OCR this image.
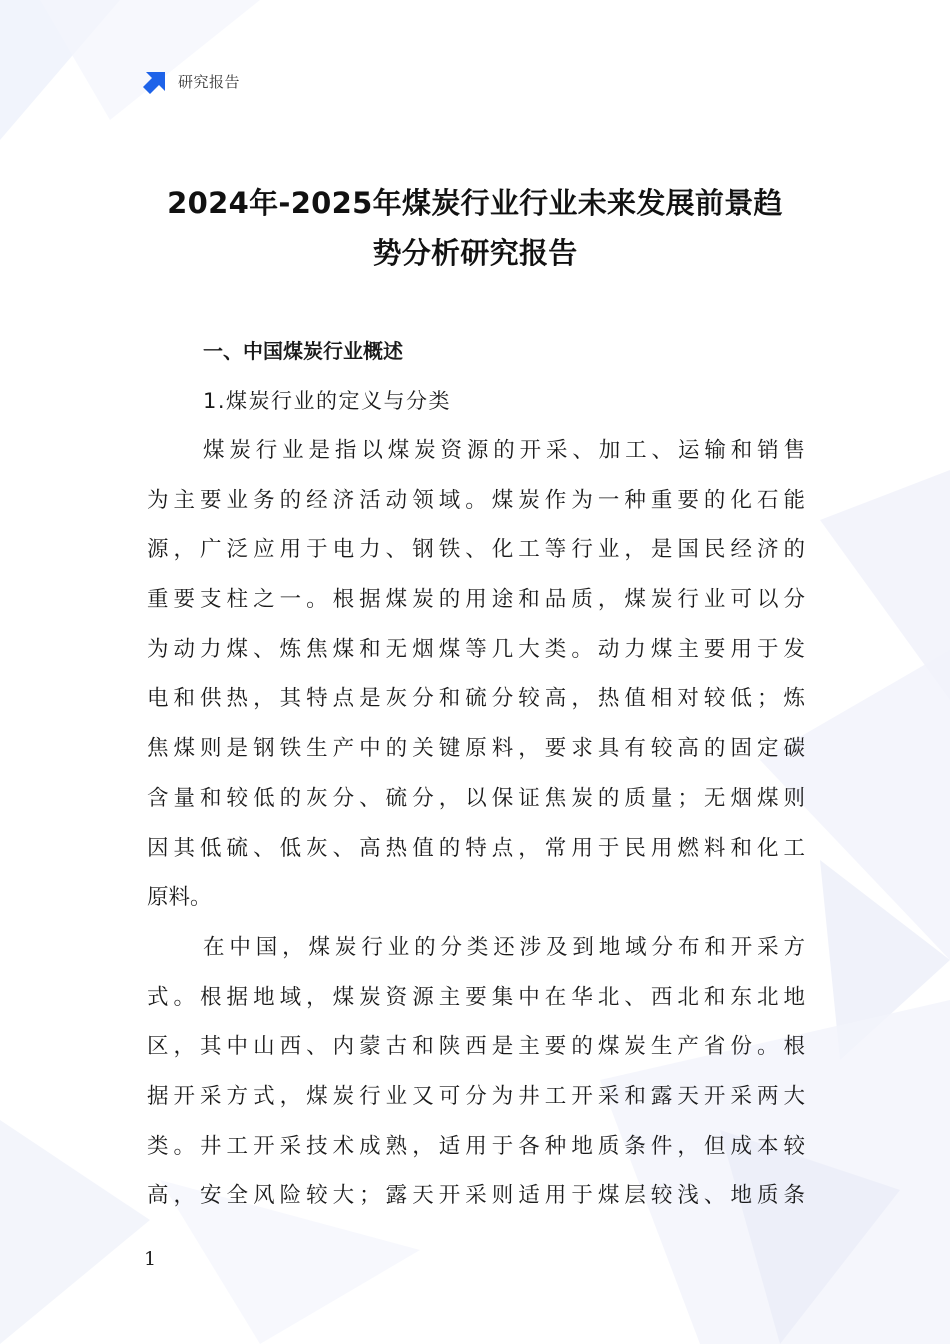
研究报告
2024年-2025年煤炭行业行业未来发展前景趋
势分析研究报告
一、中国煤炭行业概述
1.煤炭行业的定义与分类

煤炭行业是指以煤炭资源的开采、加工、运输和销售
为主要业务的经济活动领域。煤炭作为一种重要的化石能
源，广泛应用于电力、钢铁、化工等行业，是国民经济的
重要支柱之一。根据煤炭的用途和品质，煤炭行业可以分
为动力煤、炼焦煤和无烟煤等几大类。动力煤主要用于发
电和供热，其特点是灰分和硫分较高，热值相对较低；炼
焦煤则是钢铁生产中的关键原料，要求具有较高的固定碳
含量和较低的灰分、硫分，以保证焦炭的质量；无烟煤则
因其低硫、低灰、高热值的特点，常用于民用燃料和化工
原料。

在中国，煤炭行业的分类还涉及到地域分布和开采方
式。根据地域，煤炭资源主要集中在华北、西北和东北地
区，其中山西、内蒙古和陕西是主要的煤炭生产省份。根
据开采方式，煤炭行业又可分为井工开采和露天开采两大
类。井工开采技术成熟，适用于各种地质条件，但成本较
高，安全风险较大；露天开采则适用于煤层较浅、地质条

1
